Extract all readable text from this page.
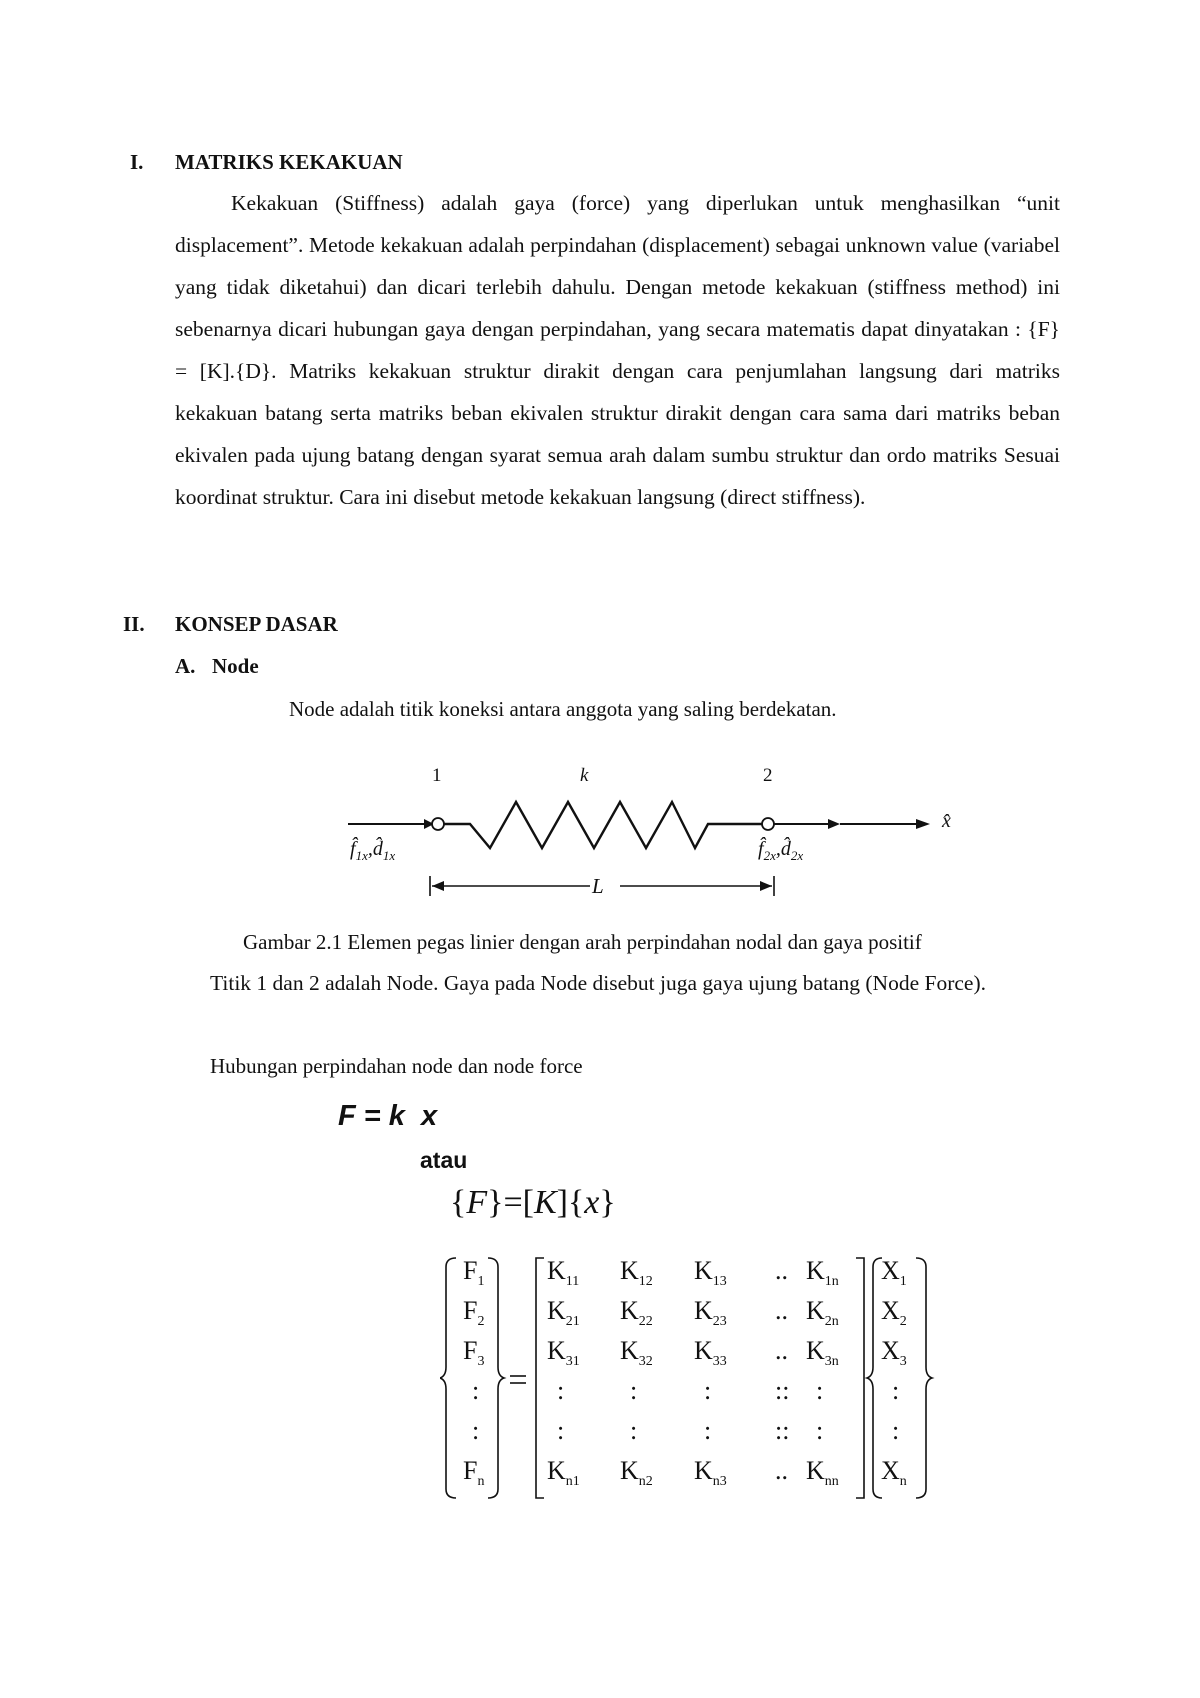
I. MATRIKS KEKAKUAN
Kekakuan (Stiffness) adalah gaya (force) yang diperlukan untuk menghasilkan “unit displacement”. Metode kekakuan adalah perpindahan (displacement) sebagai unknown value (variabel yang tidak diketahui) dan dicari terlebih dahulu. Dengan metode kekakuan (stiffness method) ini sebenarnya dicari hubungan gaya dengan perpindahan, yang secara matematis dapat dinyatakan : {F} = [K].{D}. Matriks kekakuan struktur dirakit dengan cara penjumlahan langsung dari matriks kekakuan batang serta matriks beban ekivalen struktur dirakit dengan cara sama dari matriks beban ekivalen pada ujung batang dengan syarat semua arah dalam sumbu struktur dan ordo matriks Sesuai koordinat struktur. Cara ini disebut metode kekakuan langsung (direct stiffness).
II. KONSEP DASAR
A. Node
Node adalah titik koneksi antara anggota yang saling berdekatan.
1	k	2
x̂
$f̂_{1x},d̂_{1x}$	$f̂_{2x},d̂_{2x}$
L
Gambar 2.1 Elemen pegas linier dengan arah perpindahan nodal dan gaya positif
Titik 1 dan 2 adalah Node. Gaya pada Node disebut juga gaya ujung batang (Node Force).
Hubungan perpindahan node dan node force
F = k  x
atau
{F}=[K]{x}
$F_1$
$F_2$
$F_3$
:
:
$F_n$
$K_{11}$ $K_{12}$ $K_{13}$ .. $K_{1n}$
$K_{21}$ $K_{22}$ $K_{23}$ .. $K_{2n}$
$K_{31}$ $K_{32}$ $K_{33}$ .. $K_{3n}$
:	:	: :: :
:	:	: :: :
$K_{n1}$ $K_{n2}$ $K_{n3}$ .. $K_{nn}$
$X_1$
$X_2$
$X_3$
:
:
$X_n$
